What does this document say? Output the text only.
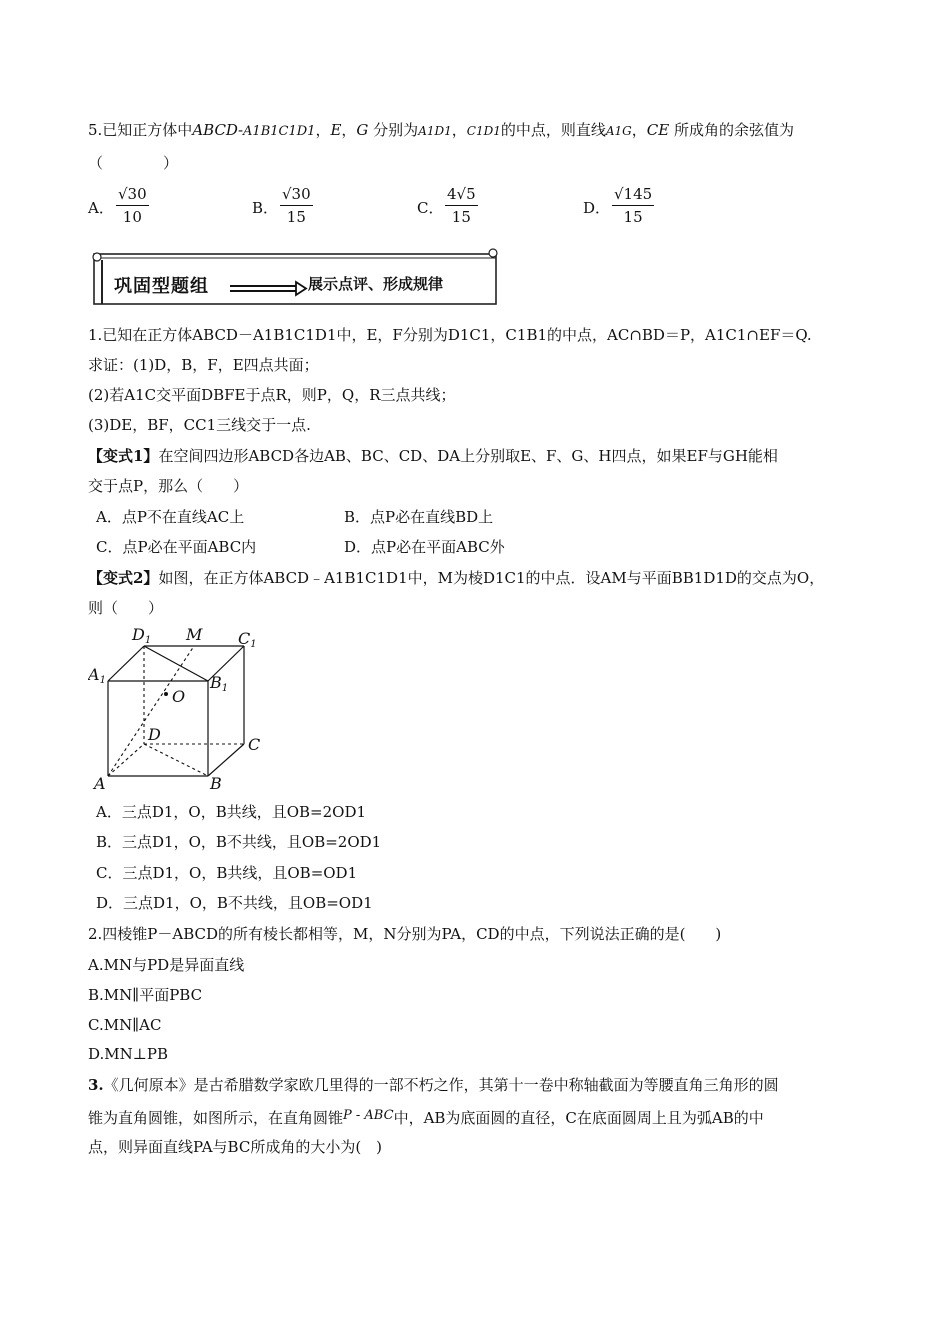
5.已知正方体中ABCD-A1B1C1D1，E，G 分别为A1D1，C1D1的中点，则直线A1G，CE 所成角的余弦值为
（　　　　）
A．
√30
10	B．
√30
15	C．
4√5
15	D．
√145
15
巩固型题组	展示点评、形成规律
1.已知在正方体ABCD－A1B1C1D1中，E，F分别为D1C1，C1B1的中点，AC∩BD＝P，A1C1∩EF＝Q.
求证：(1)D，B，F，E四点共面；
(2)若A1C交平面DBFE于点R，则P，Q，R三点共线；
(3)DE，BF，CC1三线交于一点.
【变式1】在空间四边形ABCD各边AB、BC、CD、DA上分别取E、F、G、H四点，如果EF与GH能相
交于点P，那么（　　）
A．点P不在直线AC上	B．点P必在直线BD上
C．点P必在平面ABC内	D．点P必在平面ABC外
【变式2】如图，在正方体ABCD﹣A1B1C1D1中，M为棱D1C1的中点．设AM与平面BB1D1D的交点为O，
则（　　）
D1 M C1
A1	B1
O
D
C
A	B
A．三点D1，O，B共线，且OB=2OD1
B．三点D1，O，B不共线，且OB=2OD1
C．三点D1，O，B共线，且OB=OD1
D．三点D1，O，B不共线，且OB=OD1
2.四棱锥P－ABCD的所有棱长都相等，M，N分别为PA，CD的中点，下列说法正确的是(　　)
A.MN与PD是异面直线
B.MN∥平面PBC
C.MN∥AC
D.MN⊥PB
3.《几何原本》是古希腊数学家欧几里得的一部不朽之作，其第十一卷中称轴截面为等腰直角三角形的圆
锥为直角圆锥，如图所示，在直角圆锥P - ABC中，AB为底面圆的直径，C在底面圆周上且为弧AB的中
点，则异面直线PA与BC所成角的大小为(　)
